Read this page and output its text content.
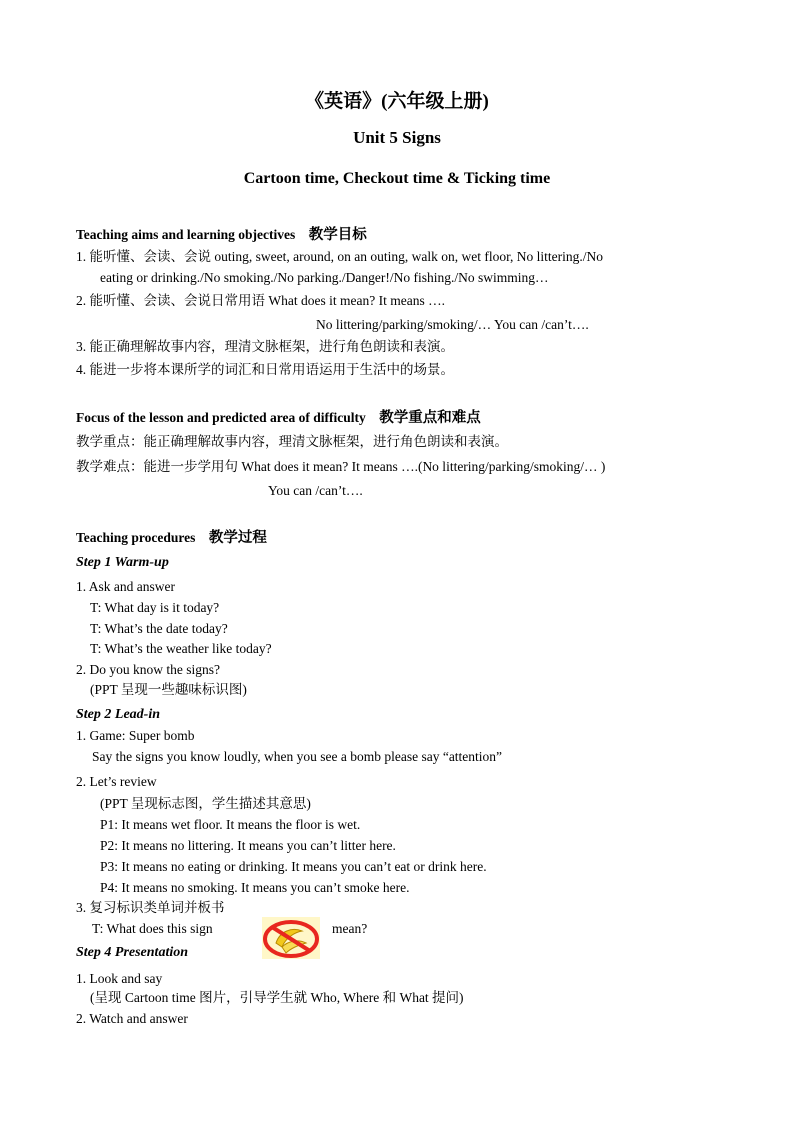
《英语》(六年级上册)
Unit 5 Signs
Cartoon time, Checkout time & Ticking time
Teaching aims and learning objectives 教学目标
1. 能听懂、会读、会说 outing, sweet, around, on an outing, walk on, wet floor, No littering./No
eating or drinking./No smoking./No parking./Danger!/No fishing./No swimming…
2. 能听懂、会读、会说日常用语 What does it mean? It means ….
No littering/parking/smoking/… You can /can’t….
3. 能正确理解故事内容，理清文脉框架，进行角色朗读和表演。
4. 能进一步将本课所学的词汇和日常用语运用于生活中的场景。
Focus of the lesson and predicted area of difficulty 教学重点和难点
教学重点：能正确理解故事内容，理清文脉框架，进行角色朗读和表演。
教学难点：能进一步学用句 What does it mean? It means ….(No littering/parking/smoking/… )
You can /can’t….
Teaching procedures 教学过程
Step 1 Warm-up
1. Ask and answer
T: What day is it today?
T: What’s the date today?
T: What’s the weather like today?
2. Do you know the signs?
(PPT 呈现一些趣味标识图)
Step 2 Lead-in
1. Game: Super bomb
Say the signs you know loudly, when you see a bomb please say “attention”
2. Let’s review
(PPT 呈现标志图，学生描述其意思)
P1: It means wet floor. It means the floor is wet.
P2: It means no littering. It means you can’t litter here.
P3: It means no eating or drinking. It means you can’t eat or drink here.
P4: It means no smoking. It means you can’t smoke here.
3. 复习标识类单词并板书
T: What does this sign	mean?
Step 4 Presentation
1. Look and say
(呈现 Cartoon time 图片，引导学生就 Who, Where 和 What 提问)
2. Watch and answer
